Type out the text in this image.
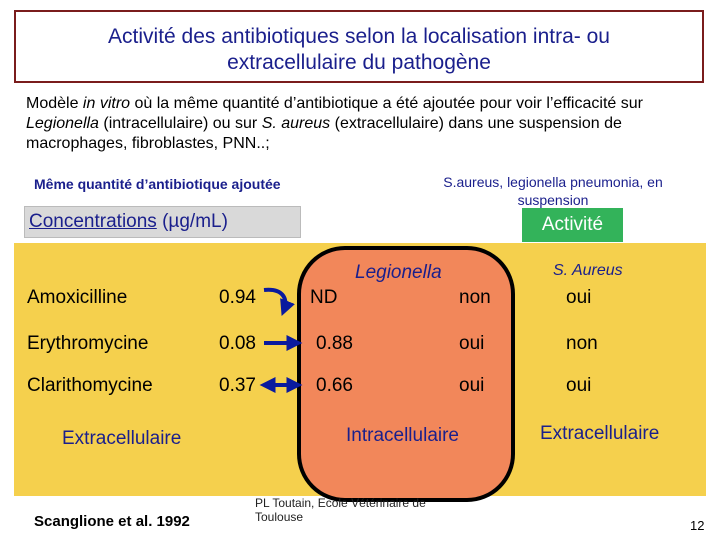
Activité des antibiotiques selon la localisation intra- ou
extracellulaire du pathogène
Modèle in vitro où la même quantité d’antibiotique a été ajoutée pour voir l’efficacité sur Legionella (intracellulaire) ou sur S. aureus (extracellulaire) dans une suspension de macrophages, fibroblastes, PNN..;
Même quantité d’antibiotique ajoutée	S.aureus, legionella pneumonia, en suspension
Concentrations (µg/mL)	Activité
Legionella	S. Aureus
Amoxicilline	0.94	ND	non	oui
Erythromycine	0.08	0.88	oui	non
Clarithomycine	0.37	0.66	oui	oui
Extracellulaire	Intracellulaire	Extracellulaire
Scanglione et al. 1992
PL Toutain, Ecole Vétérinaire de
Toulouse
12
